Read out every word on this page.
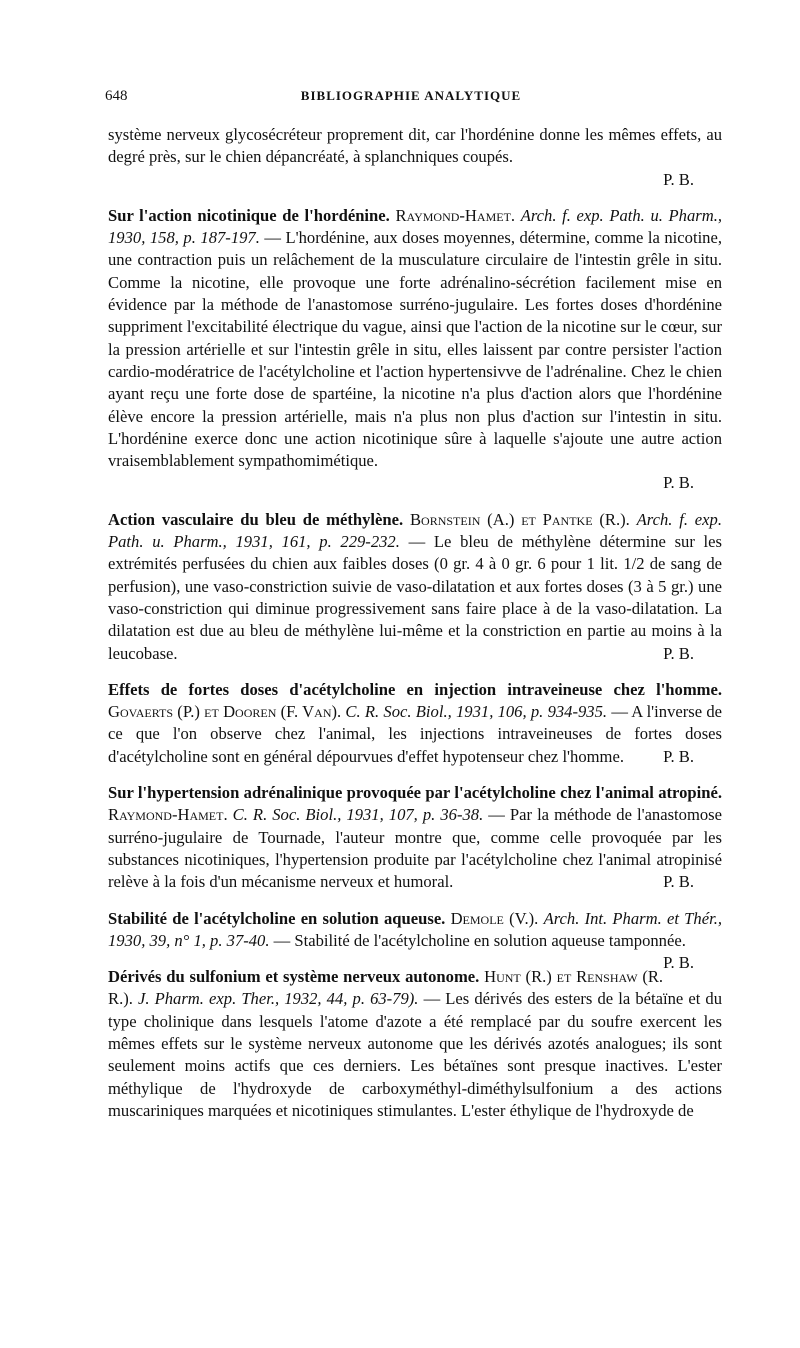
648	BIBLIOGRAPHIE ANALYTIQUE

système nerveux glycosécréteur proprement dit, car l'hordénine donne les mêmes effets, au degré près, sur le chien dépancréaté, à splanchniques coupés.
P. B.

Sur l'action nicotinique de l'hordénine. Raymond-Hamet. Arch. f. exp. Path. u. Pharm., 1930, 158, p. 187-197. — L'hordénine, aux doses moyennes, détermine, comme la nicotine, une contraction puis un relâchement de la musculature circulaire de l'intestin grêle in situ. Comme la nicotine, elle provoque une forte adrénalino-sécrétion facilement mise en évidence par la méthode de l'anastomose surréno-jugulaire. Les fortes doses d'hordénine suppriment l'excitabilité électrique du vague, ainsi que l'action de la nicotine sur le cœur, sur la pression artérielle et sur l'intestin grêle in situ, elles laissent par contre persister l'action cardio-modératrice de l'acétylcholine et l'action hypertensivve de l'adrénaline. Chez le chien ayant reçu une forte dose de spartéine, la nicotine n'a plus d'action alors que l'hordénine élève encore la pression artérielle, mais n'a plus non plus d'action sur l'intestin in situ. L'hordénine exerce donc une action nicotinique sûre à laquelle s'ajoute une autre action vraisemblablement sympathomimétique.
P. B.

Action vasculaire du bleu de méthylène. Bornstein (A.) et Pantke (R.). Arch. f. exp. Path. u. Pharm., 1931, 161, p. 229-232. — Le bleu de méthylène détermine sur les extrémités perfusées du chien aux faibles doses (0 gr. 4 à 0 gr. 6 pour 1 lit. 1/2 de sang de perfusion), une vaso-constriction suivie de vaso-dilatation et aux fortes doses (3 à 5 gr.) une vaso-constriction qui diminue progressivement sans faire place à de la vaso-dilatation. La dilatation est due au bleu de méthylène lui-même et la constriction en partie au moins à la leucobase.	P. B.

Effets de fortes doses d'acétylcholine en injection intraveineuse chez l'homme. Govaerts (P.) et Dooren (F. Van). C. R. Soc. Biol., 1931, 106, p. 934-935. — A l'inverse de ce que l'on observe chez l'animal, les injections intraveineuses de fortes doses d'acétylcholine sont en général dépourvues d'effet hypotenseur chez l'homme. P. B.

Sur l'hypertension adrénalinique provoquée par l'acétylcholine chez l'animal atropiné. Raymond-Hamet. C. R. Soc. Biol., 1931, 107, p. 36-38. — Par la méthode de l'anastomose surréno-jugulaire de Tournade, l'auteur montre que, comme celle provoquée par les substances nicotiniques, l'hypertension produite par l'acétylcholine chez l'animal atropinisé relève à la fois d'un mécanisme nerveux et humoral.	P. B.

Stabilité de l'acétylcholine en solution aqueuse. Demole (V.). Arch. Int. Pharm. et Thér., 1930, 39, n° 1, p. 37-40. — Stabilité de l'acétylcholine en solution aqueuse tamponnée.
P. B.

Dérivés du sulfonium et système nerveux autonome. Hunt (R.) et Renshaw (R. R.). J. Pharm. exp. Ther., 1932, 44, p. 63-79). — Les dérivés des esters de la bétaïne et du type cholinique dans lesquels l'atome d'azote a été remplacé par du soufre exercent les mêmes effets sur le système nerveux autonome que les dérivés azotés analogues; ils sont seulement moins actifs que ces derniers. Les bétaïnes sont presque inactives. L'ester méthylique de l'hydroxyde de carboxyméthyl-diméthylsulfonium a des actions muscariniques marquées et nicotiniques stimulantes. L'ester éthylique de l'hydroxyde de
